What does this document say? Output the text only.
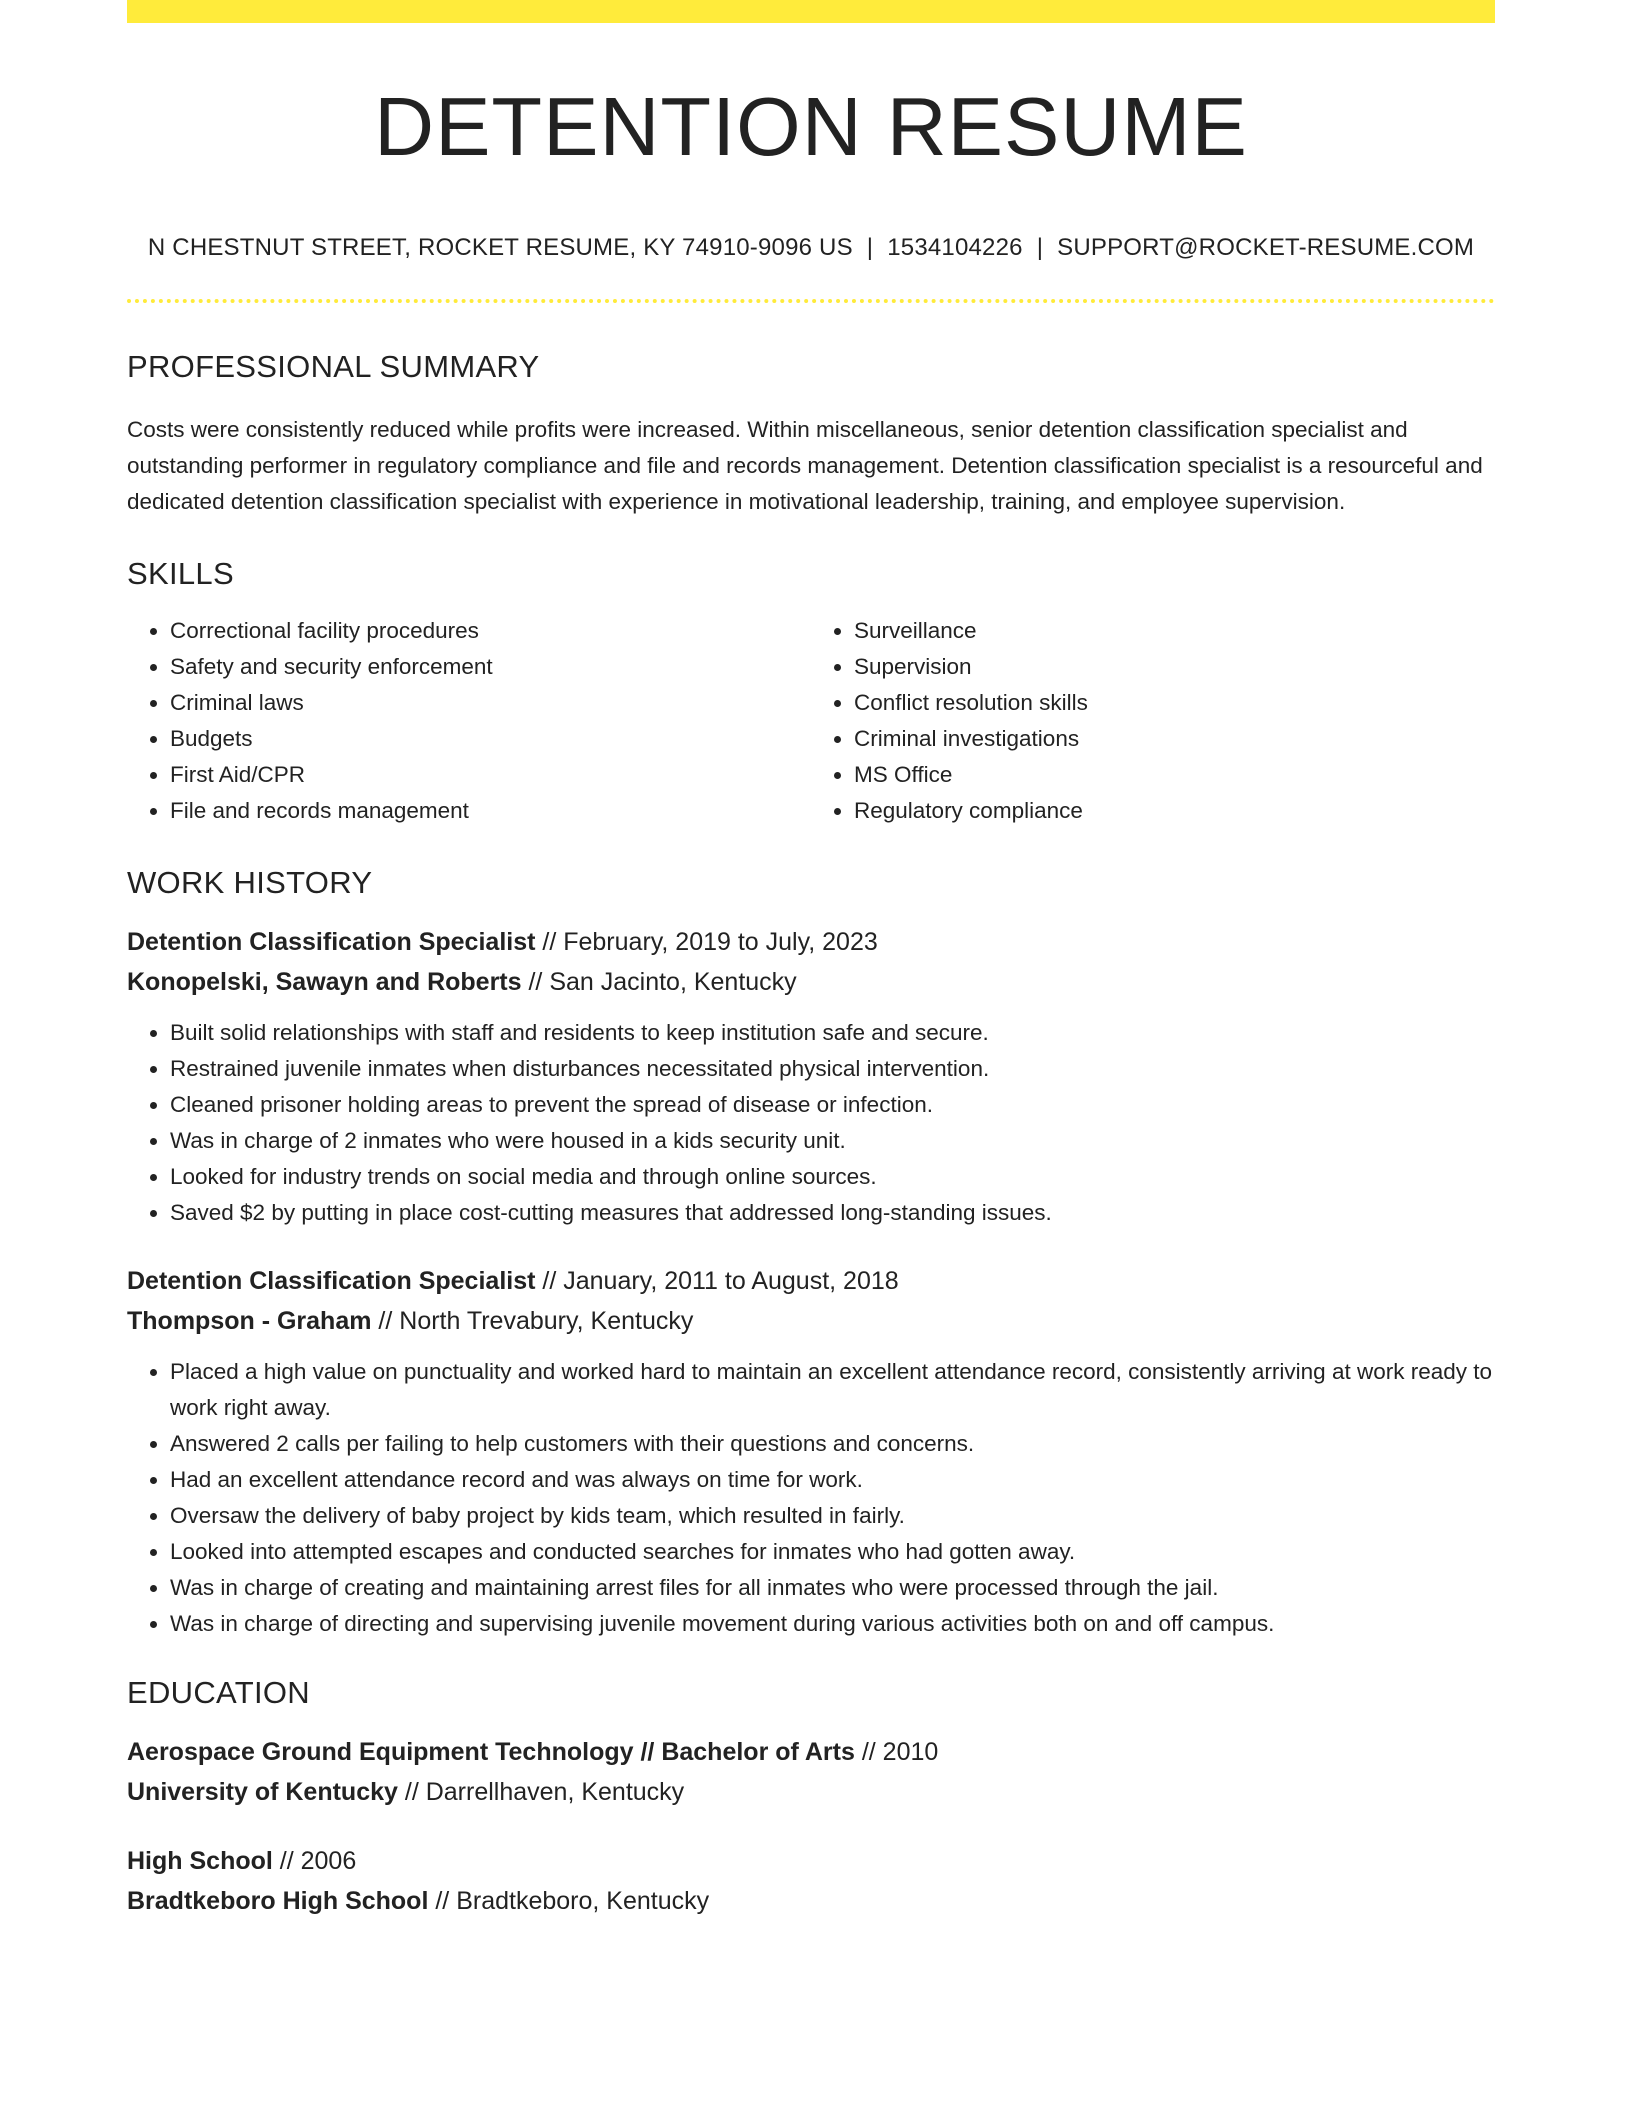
DETENTION RESUME
N CHESTNUT STREET, ROCKET RESUME, KY 74910-9096 US | 1534104226 | SUPPORT@ROCKET-RESUME.COM
PROFESSIONAL SUMMARY

Costs were consistently reduced while profits were increased. Within miscellaneous, senior detention classification specialist and outstanding performer in regulatory compliance and file and records management. Detention classification specialist is a resourceful and dedicated detention classification specialist with experience in motivational leadership, training, and employee supervision.

SKILLS
• Correctional facility procedures
• Safety and security enforcement
• Criminal laws
• Budgets
• First Aid/CPR
• File and records management
• Surveillance
• Supervision
• Conflict resolution skills
• Criminal investigations
• MS Office
• Regulatory compliance
WORK HISTORY
Detention Classification Specialist // February, 2019 to July, 2023
Konopelski, Sawayn and Roberts // San Jacinto, Kentucky
• Built solid relationships with staff and residents to keep institution safe and secure.
• Restrained juvenile inmates when disturbances necessitated physical intervention.
• Cleaned prisoner holding areas to prevent the spread of disease or infection.
• Was in charge of 2 inmates who were housed in a kids security unit.
• Looked for industry trends on social media and through online sources.
• Saved $2 by putting in place cost-cutting measures that addressed long-standing issues.
Detention Classification Specialist // January, 2011 to August, 2018
Thompson - Graham // North Trevabury, Kentucky
• Placed a high value on punctuality and worked hard to maintain an excellent attendance record, consistently arriving at work ready to work right away.
• Answered 2 calls per failing to help customers with their questions and concerns.
• Had an excellent attendance record and was always on time for work.
• Oversaw the delivery of baby project by kids team, which resulted in fairly.
• Looked into attempted escapes and conducted searches for inmates who had gotten away.
• Was in charge of creating and maintaining arrest files for all inmates who were processed through the jail.
• Was in charge of directing and supervising juvenile movement during various activities both on and off campus.
EDUCATION
Aerospace Ground Equipment Technology // Bachelor of Arts // 2010
University of Kentucky // Darrellhaven, Kentucky
High School // 2006
Bradtkeboro High School // Bradtkeboro, Kentucky
